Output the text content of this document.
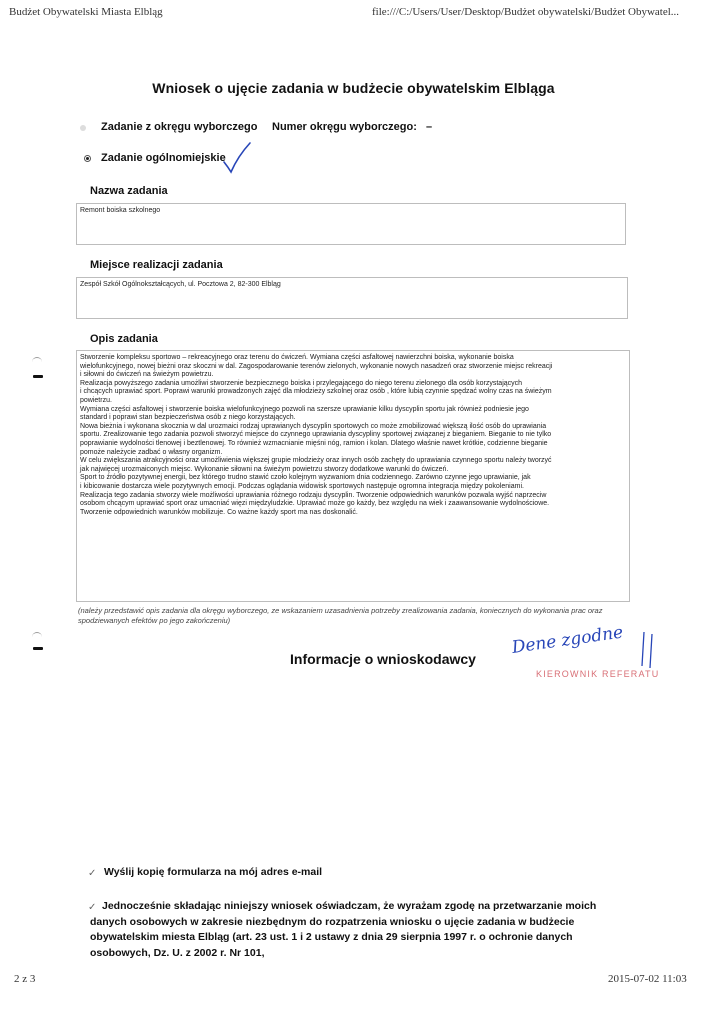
Budżet Obywatelski Miasta Elbląg	file:///C:/Users/User/Desktop/Budżet obywatelski/Budżet Obywatel...
Wniosek o ujęcie zadania w budżecie obywatelskim Elbląga
Zadanie z okręgu wyborczego Numer okręgu wyborczego: –
Zadanie ogólnomiejskie
Nazwa zadania
Remont boiska szkolnego
Miejsce realizacji zadania
Zespół Szkół Ogólnokształcących, ul. Pocztowa 2, 82-300 Elbląg
Opis zadania
Stworzenie kompleksu sportowo – rekreacyjnego oraz terenu do ćwiczeń. Wymiana części asfaltowej nawierzchni boiska, wykonanie boiska
wielofunkcyjnego, nowej bieżni oraz skoczni w dal. Zagospodarowanie terenów zielonych, wykonanie nowych nasadzeń oraz stworzenie miejsc rekreacji
i siłowni do ćwiczeń na świeżym powietrzu.
Realizacja powyższego zadania umożliwi stworzenie bezpiecznego boiska i przylegającego do niego terenu zielonego dla osób korzystających
i chcących uprawiać sport. Poprawi warunki prowadzonych zajęć dla młodzieży szkolnej oraz osób , które lubią czynnie spędzać wolny czas na świeżym
powietrzu.
Wymiana części asfaltowej i stworzenie boiska wielofunkcyjnego pozwoli na szersze uprawianie kilku dyscyplin sportu jak również podniesie jego
standard i poprawi stan bezpieczeństwa osób z niego korzystających.
Nowa bieżnia i wykonana skocznia w dal urozmaici rodzaj uprawianych dyscyplin sportowych co może zmobilizować większą ilość osób do uprawiania
sportu. Zrealizowanie tego zadania pozwoli stworzyć miejsce do czynnego uprawiania dyscypliny sportowej związanej z bieganiem. Bieganie to nie tylko
poprawianie wydolności tlenowej i beztlenowej. To również wzmacnianie mięśni nóg, ramion i kolan. Dlatego właśnie nawet krótkie, codzienne bieganie
pomoże należycie zadbać o własny organizm.
W celu zwiększania atrakcyjności oraz umożliwienia większej grupie młodzieży oraz innych osób zachęty do uprawiania czynnego sportu należy tworzyć
jak najwięcej urozmaiconych miejsc. Wykonanie siłowni na świeżym powietrzu stworzy dodatkowe warunki do ćwiczeń.
Sport to źródło pozytywnej energii, bez którego trudno stawić czoło kolejnym wyzwaniom dnia codziennego. Zarówno czynne jego uprawianie, jak
i kibicowanie dostarcza wiele pozytywnych emocji. Podczas oglądania widowisk sportowych następuje ogromna integracja między pokoleniami.
Realizacja tego zadania stworzy wiele możliwości uprawiania różnego rodzaju dyscyplin. Tworzenie odpowiednich warunków pozwala wyjść naprzeciw
osobom chcącym uprawiać sport oraz umacniać więzi międzyludzkie. Uprawiać może go każdy, bez względu na wiek i zaawansowanie wydolnościowe.
Tworzenie odpowiednich warunków mobilizuje. Co ważne każdy sport ma nas doskonalić.
(należy przedstawić opis zadania dla okręgu wyborczego, ze wskazaniem uzasadnienia potrzeby zrealizowania zadania, koniecznych do wykonania prac oraz spodziewanych efektów po jego zakończeniu)
Informacje o wnioskodawcy
Dene zgodne
KIEROWNIK REFERATU
✓ Wyślij kopię formularza na mój adres e-mail
✓ Jednocześnie składając niniejszy wniosek oświadczam, że wyrażam zgodę na przetwarzanie moich danych osobowych w zakresie niezbędnym do rozpatrzenia wniosku o ujęcie zadania w budżecie obywatelskim miesta Elbląg (art. 23 ust. 1 i 2 ustawy z dnia 29 sierpnia 1997 r. o ochronie danych osobowych, Dz. U. z 2002 r. Nr 101,
2 z 3	2015-07-02 11:03
